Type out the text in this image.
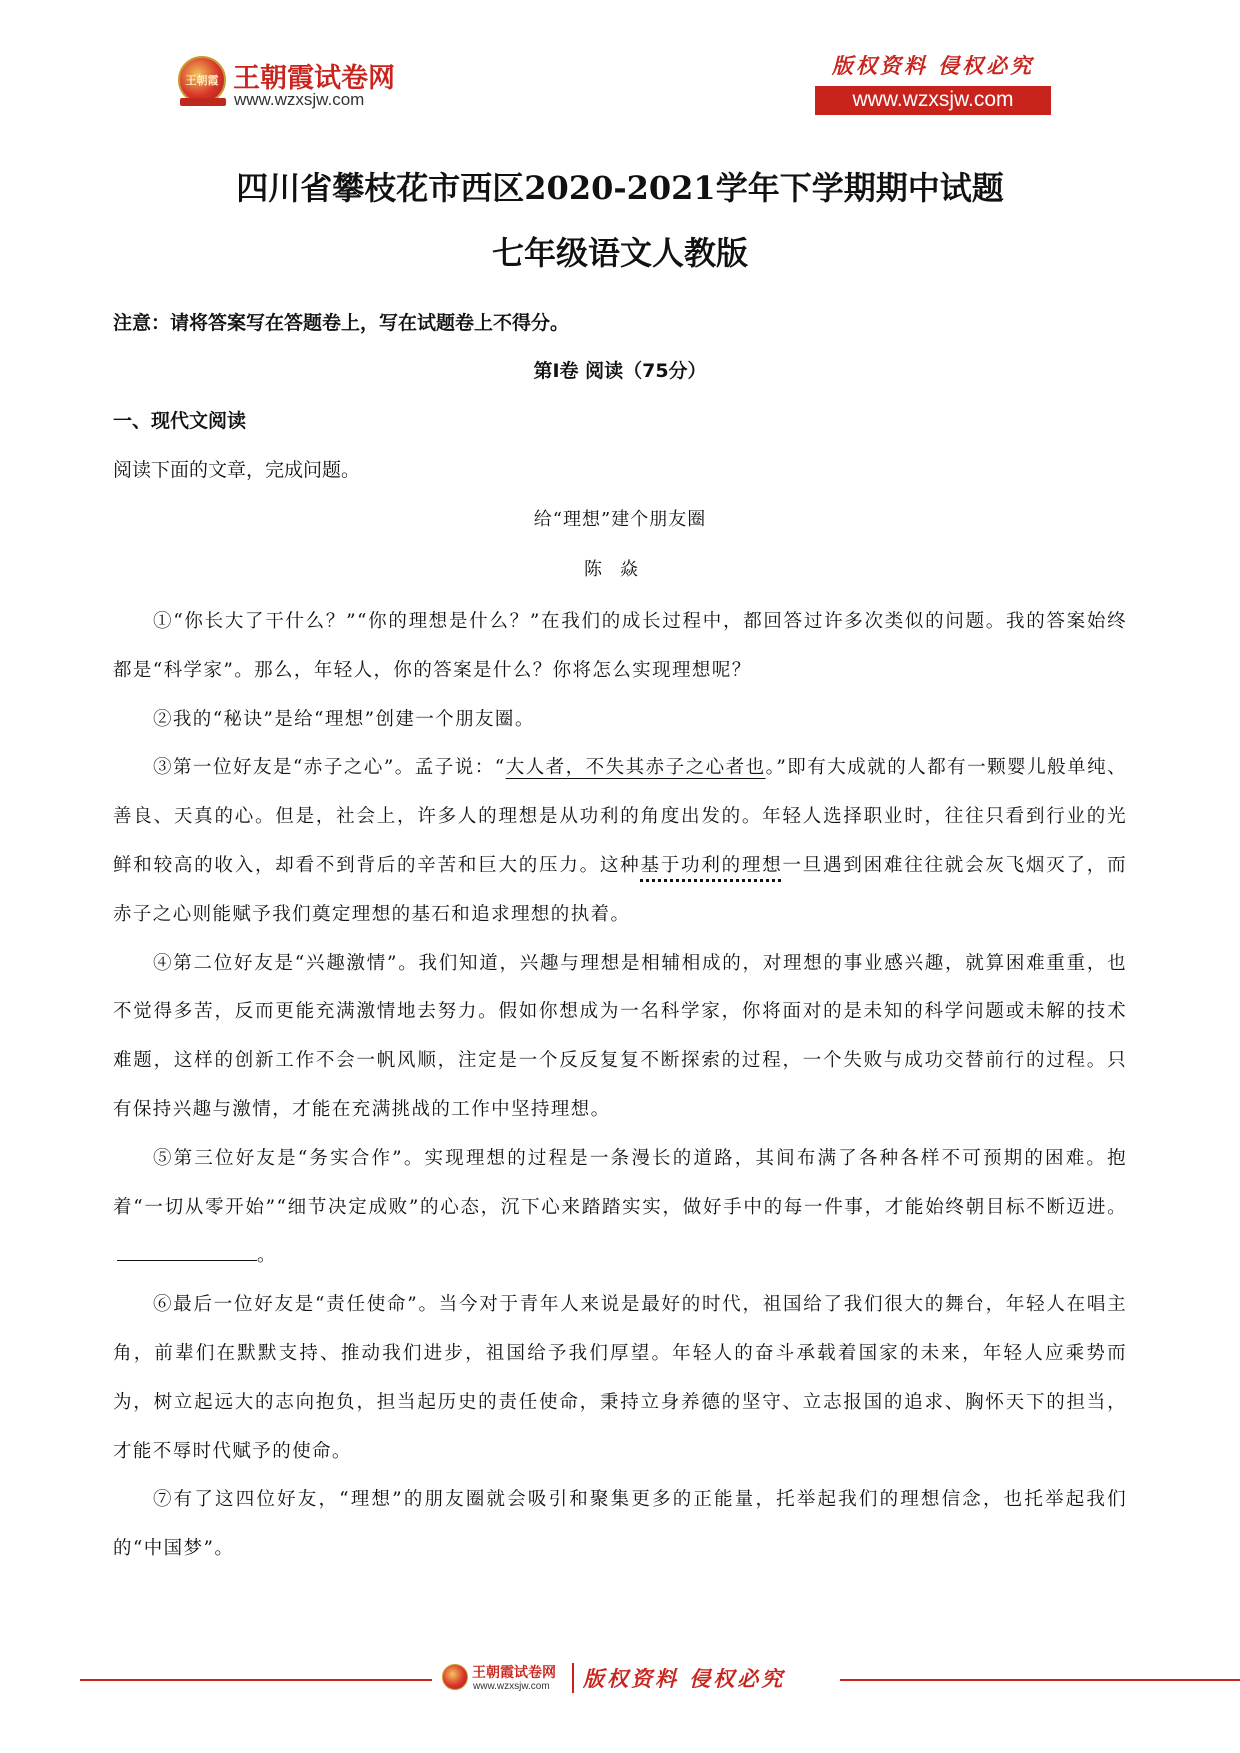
王朝霞 王朝霞试卷网
www.wzxsjw.com
版权资料 侵权必究
www.wzxsjw.com
四川省攀枝花市西区2020-2021学年下学期期中试题
七年级语文人教版
注意：请将答案写在答题卷上，写在试题卷上不得分。
第Ⅰ卷 阅读（75分）
一、现代文阅读
阅读下面的文章，完成问题。
给“理想”建个朋友圈
陈焱

①“你长大了干什么？”“你的理想是什么？”在我们的成长过程中，都回答过许多次类似的问题。我的答案始终都是“科学家”。那么，年轻人，你的答案是什么？你将怎么实现理想呢？

②我的“秘诀”是给“理想”创建一个朋友圈。

③第一位好友是“赤子之心”。孟子说：“大人者，不失其赤子之心者也。”即有大成就的人都有一颗婴儿般单纯、善良、天真的心。但是，社会上，许多人的理想是从功利的角度出发的。年轻人选择职业时，往往只看到行业的光鲜和较高的收入，却看不到背后的辛苦和巨大的压力。这种基于功利的理想一旦遇到困难往往就会灰飞烟灭了，而赤子之心则能赋予我们奠定理想的基石和追求理想的执着。

④第二位好友是“兴趣激情”。我们知道，兴趣与理想是相辅相成的，对理想的事业感兴趣，就算困难重重，也不觉得多苦，反而更能充满激情地去努力。假如你想成为一名科学家，你将面对的是未知的科学问题或未解的技术难题，这样的创新工作不会一帆风顺，注定是一个反反复复不断探索的过程，一个失败与成功交替前行的过程。只有保持兴趣与激情，才能在充满挑战的工作中坚持理想。

⑤第三位好友是“务实合作”。实现理想的过程是一条漫长的道路，其间布满了各种各样不可预期的困难。抱着“一切从零开始”“细节决定成败”的心态，沉下心来踏踏实实，做好手中的每一件事，才能始终朝目标不断迈进。。

⑥最后一位好友是“责任使命”。当今对于青年人来说是最好的时代，祖国给了我们很大的舞台，年轻人在唱主角，前辈们在默默支持、推动我们进步，祖国给予我们厚望。年轻人的奋斗承载着国家的未来，年轻人应乘势而为，树立起远大的志向抱负，担当起历史的责任使命，秉持立身养德的坚守、立志报国的追求、胸怀天下的担当，才能不辱时代赋予的使命。

⑦有了这四位好友，“理想”的朋友圈就会吸引和聚集更多的正能量，托举起我们的理想信念，也托举起我们的“中国梦”。

王朝霞试卷网
www.wzxsjw.com 版权资料 侵权必究
